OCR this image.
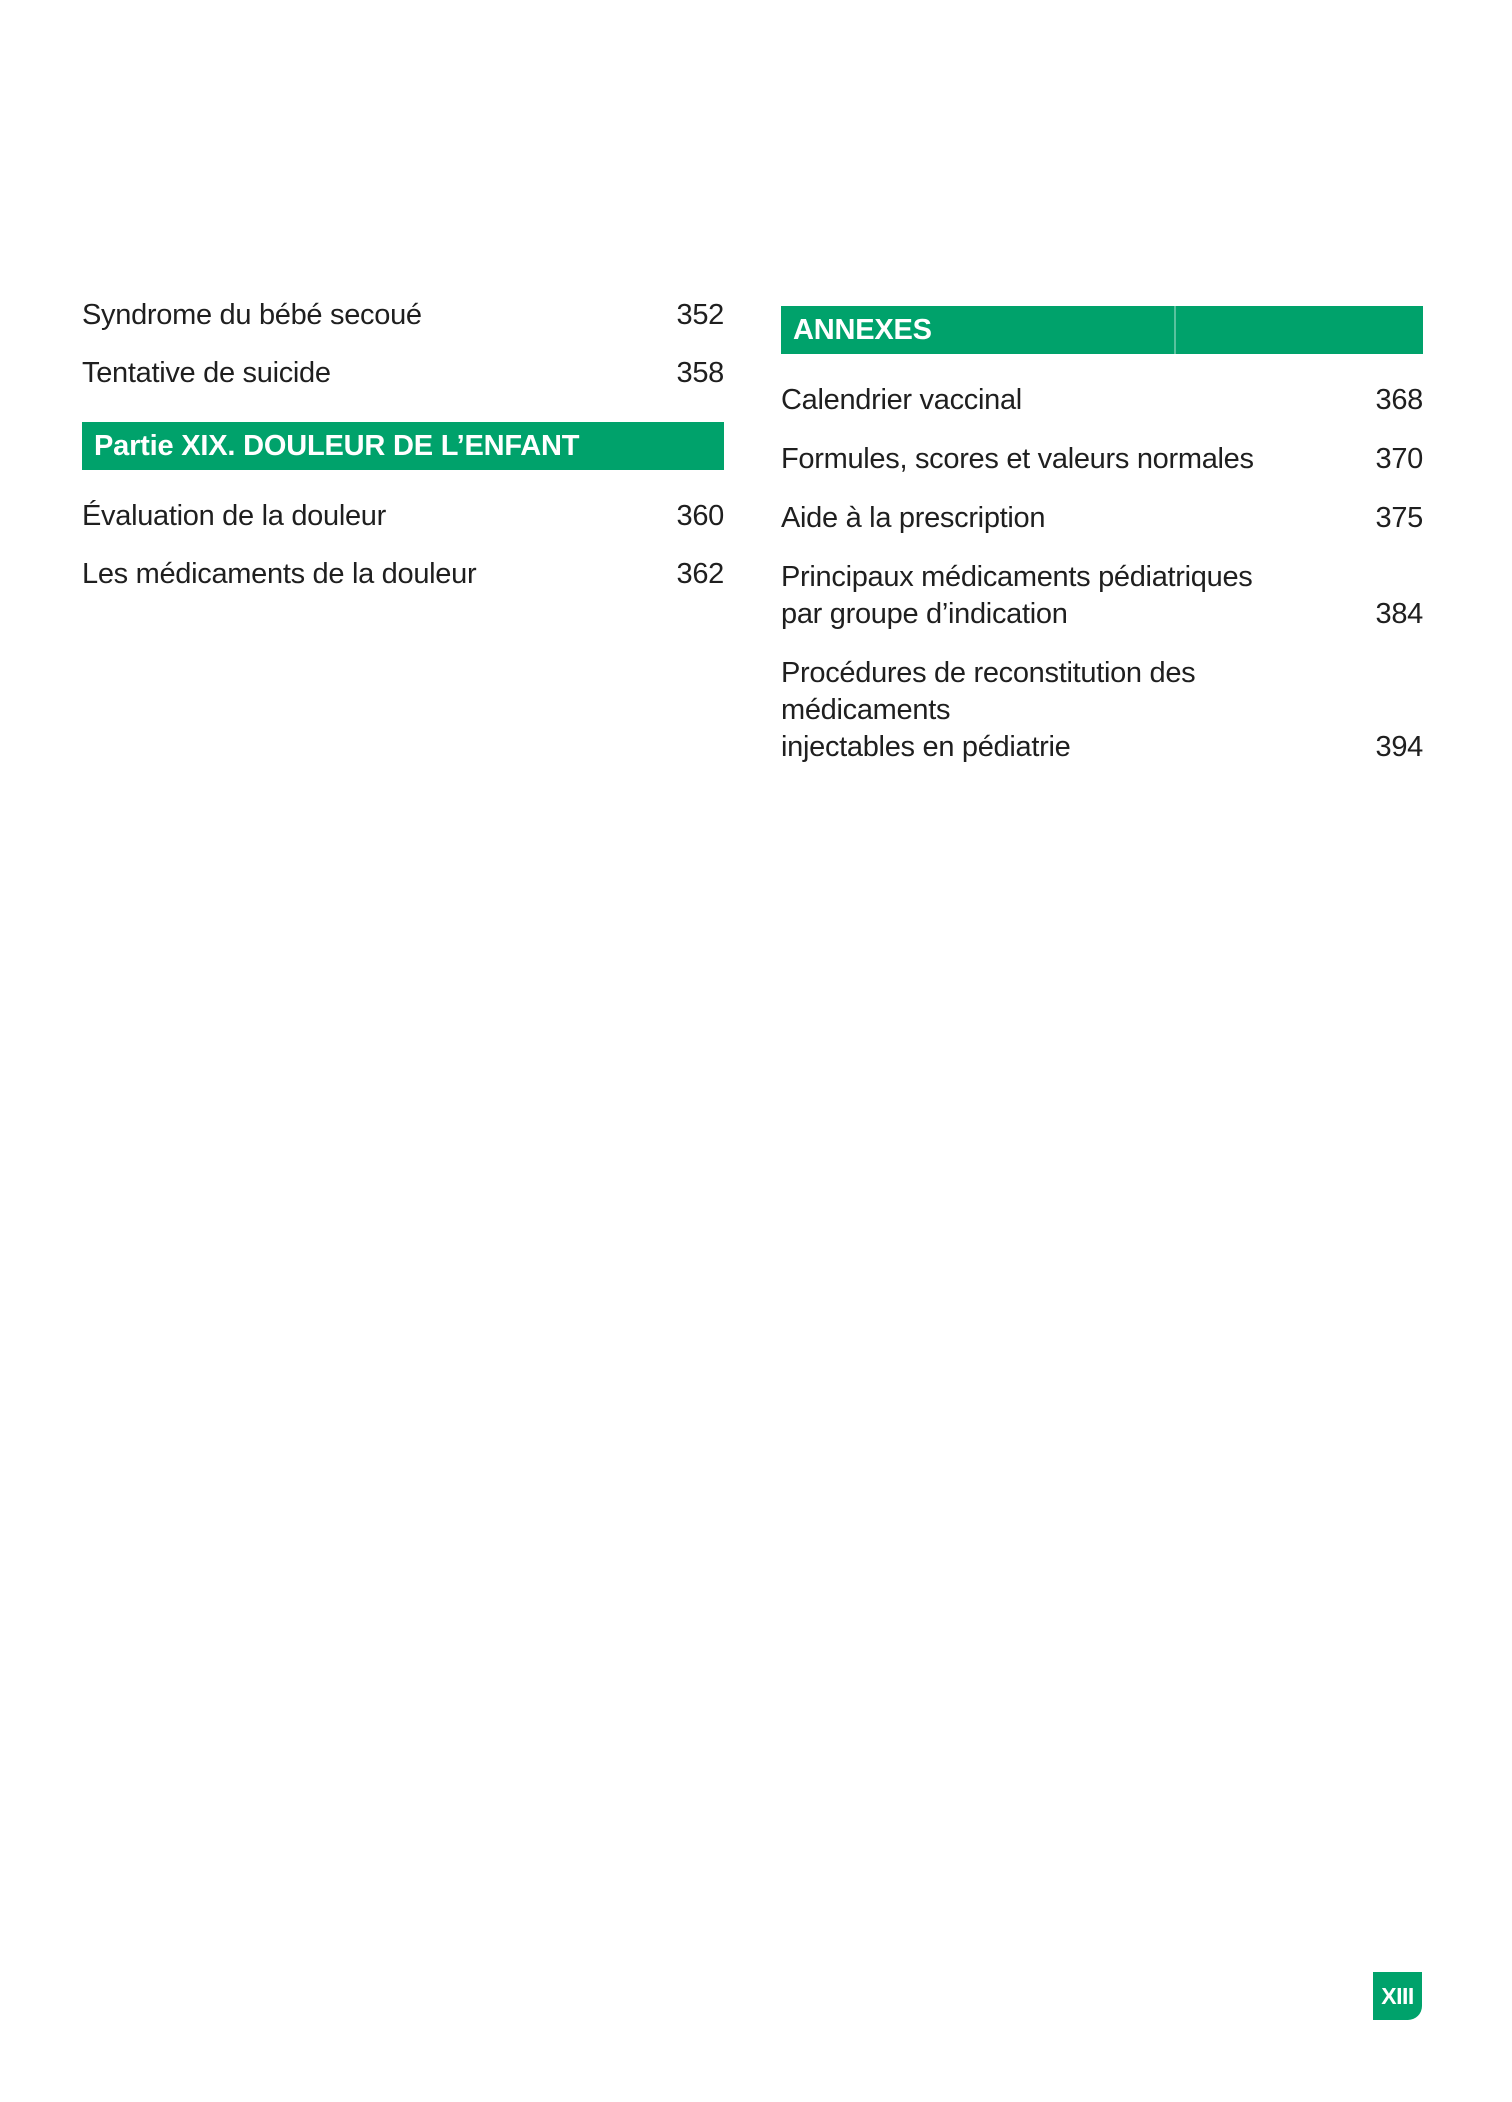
Syndrome du bébé secoué	352
Tentative de suicide	358
Partie XIX. DOULEUR DE L’ENFANT
Évaluation de la douleur	360
Les médicaments de la douleur	362
ANNEXES
Calendrier vaccinal	368
Formules, scores et valeurs normales	370
Aide à la prescription	375
Principaux médicaments pédiatriques
par groupe d’indication	384
Procédures de reconstitution des médicaments
injectables en pédiatrie	394
XIII
